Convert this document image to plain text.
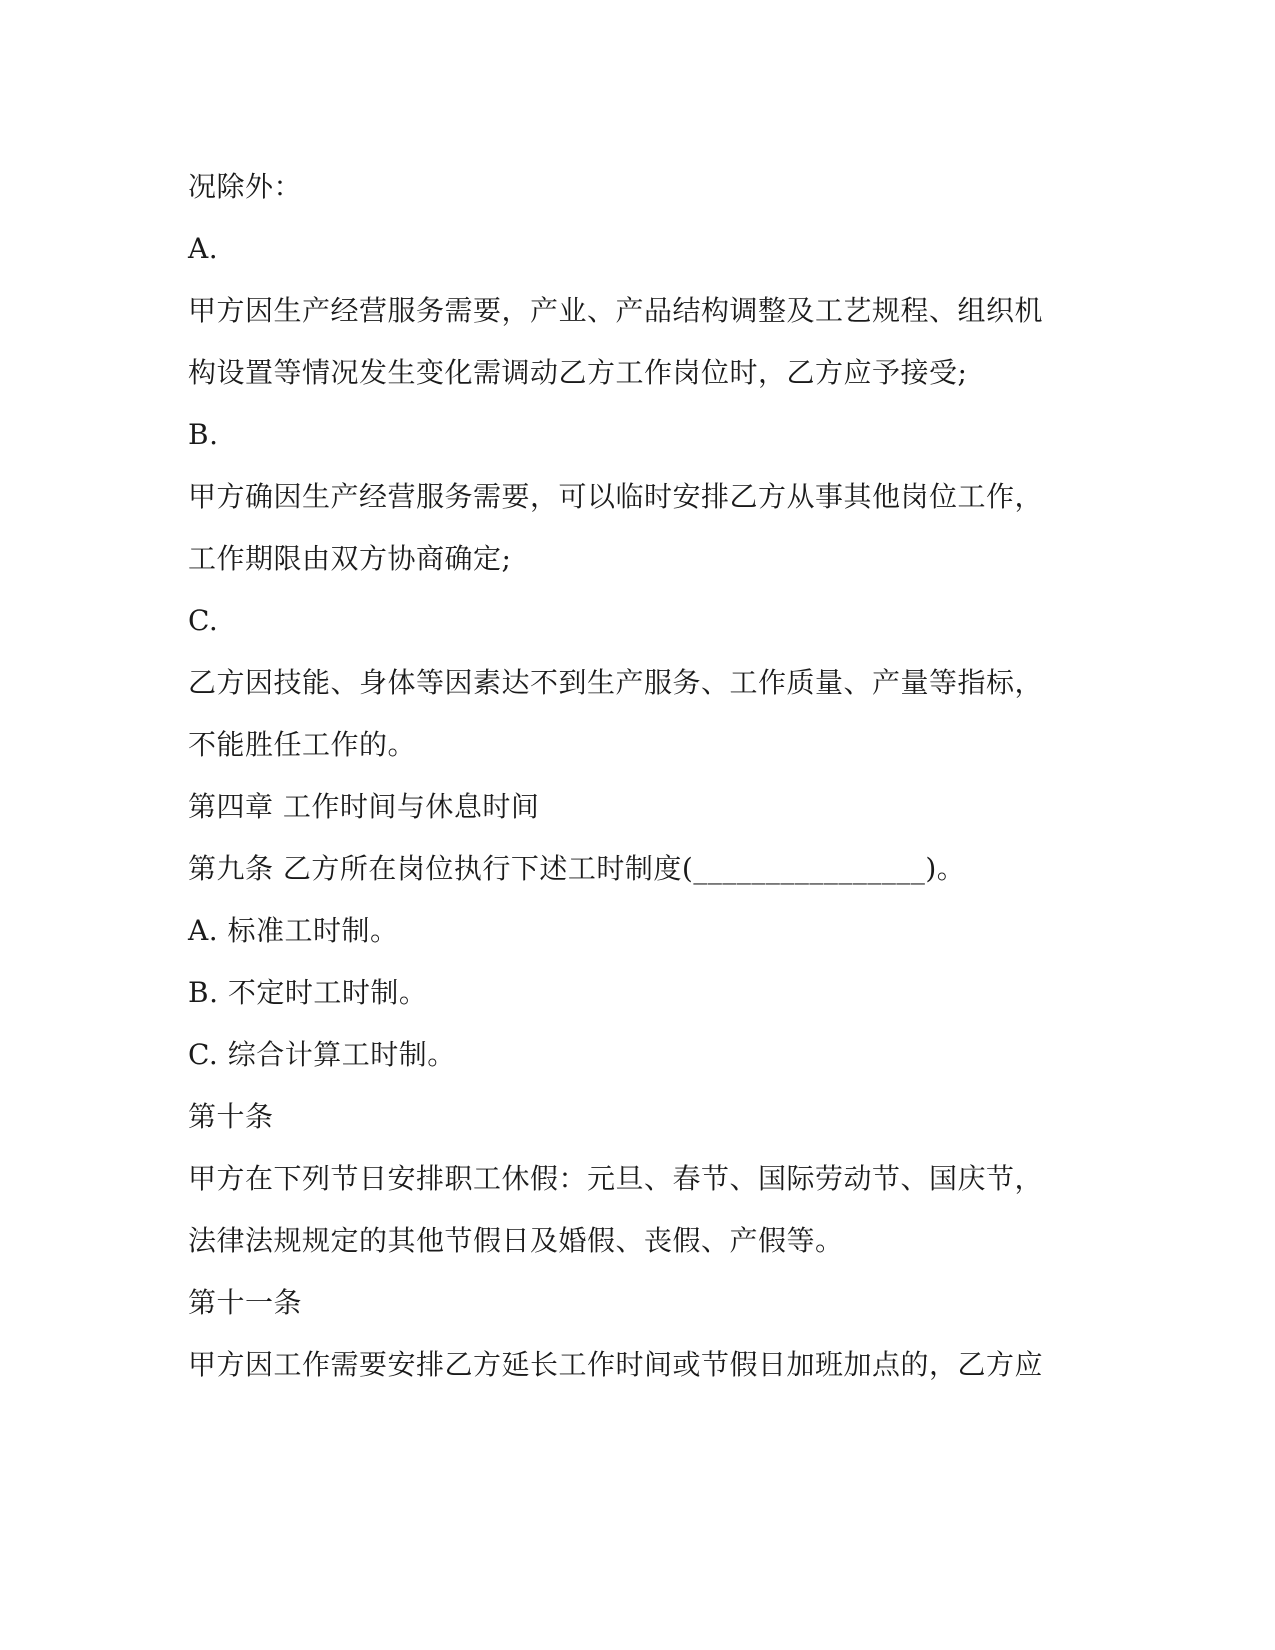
况除外：

A.

甲方因生产经营服务需要，产业、产品结构调整及工艺规程、组织机

构设置等情况发生变化需调动乙方工作岗位时，乙方应予接受;

B.

甲方确因生产经营服务需要，可以临时安排乙方从事其他岗位工作，

工作期限由双方协商确定;

C.

乙方因技能、身体等因素达不到生产服务、工作质量、产量等指标，

不能胜任工作的。

第四章 工作时间与休息时间

第九条 乙方所在岗位执行下述工时制度(________________)。

A. 标准工时制。

B. 不定时工时制。

C. 综合计算工时制。

第十条

甲方在下列节日安排职工休假：元旦、春节、国际劳动节、国庆节，

法律法规规定的其他节假日及婚假、丧假、产假等。

第十一条

甲方因工作需要安排乙方延长工作时间或节假日加班加点的，乙方应
